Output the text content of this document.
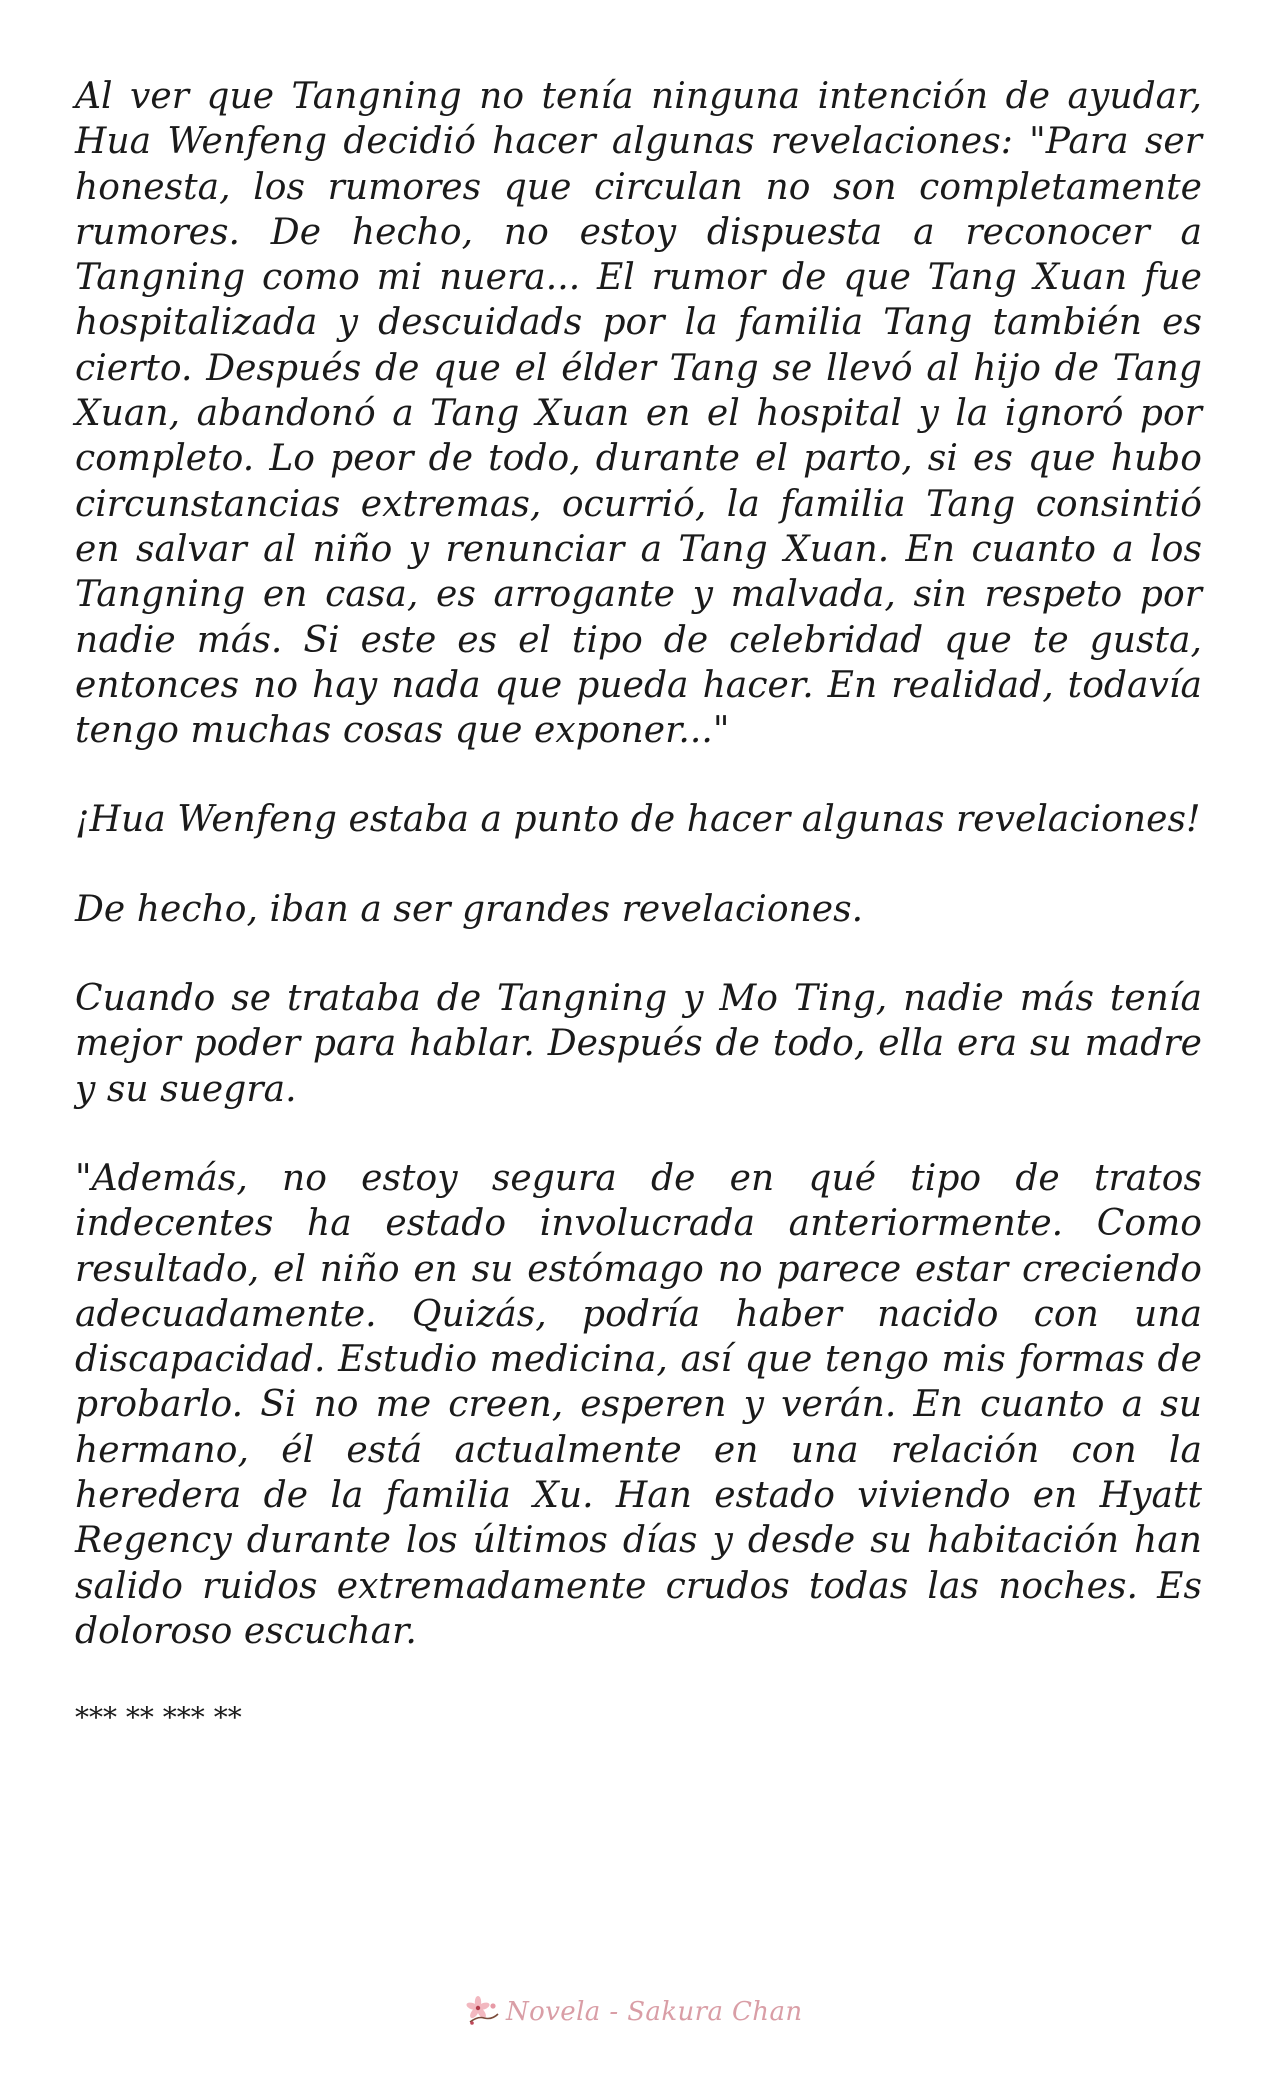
Al ver que Tangning no tenía ninguna intención de ayudar, Hua Wenfeng decidió hacer algunas revelaciones: "Para ser honesta, los rumores que circulan no son completamente rumores. De hecho, no estoy dispuesta a reconocer a Tangning como mi nuera... El rumor de que Tang Xuan fue hospitalizada y descuidads por la familia Tang también es cierto. Después de que el élder Tang se llevó al hijo de Tang Xuan, abandonó a Tang Xuan en el hospital y la ignoró por completo. Lo peor de todo, durante el parto, si es que hubo circunstancias extremas, ocurrió, la familia Tang consintió en salvar al niño y renunciar a Tang Xuan. En cuanto a los Tangning en casa, es arrogante y malvada, sin respeto por nadie más. Si este es el tipo de celebridad que te gusta, entonces no hay nada que pueda hacer. En realidad, todavía tengo muchas cosas que exponer..."

¡Hua Wenfeng estaba a punto de hacer algunas revelaciones!

De hecho, iban a ser grandes revelaciones.

Cuando se trataba de Tangning y Mo Ting, nadie más tenía mejor poder para hablar. Después de todo, ella era su madre y su suegra.

"Además, no estoy segura de en qué tipo de tratos indecentes ha estado involucrada anteriormente. Como resultado, el niño en su estómago no parece estar creciendo adecuadamente. Quizás, podría haber nacido con una discapacidad. Estudio medicina, así que tengo mis formas de probarlo. Si no me creen, esperen y verán. En cuanto a su hermano, él está actualmente en una relación con la heredera de la familia Xu. Han estado viviendo en Hyatt Regency durante los últimos días y desde su habitación han salido ruidos extremadamente crudos todas las noches. Es doloroso escuchar.

*** ** *** **
Novela - Sakura Chan
